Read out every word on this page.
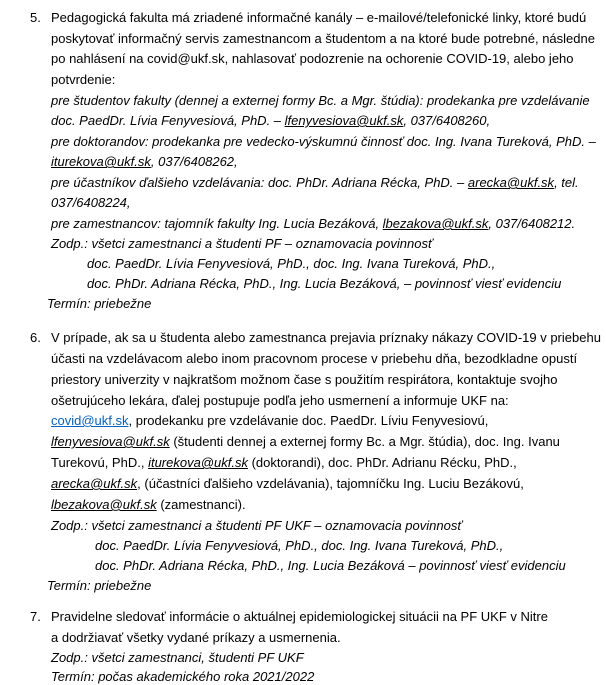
5. Pedagogická fakulta má zriadené informačné kanály – e-mailové/telefonické linky, ktoré budú
poskytovať informačný servis zamestnancom a študentom a na ktoré bude potrebné, následne
po nahlásení na covid@ukf.sk, nahlasovať podozrenie na ochorenie COVID-19, alebo jeho
potvrdenie:
pre študentov fakulty (dennej a externej formy Bc. a Mgr. štúdia): prodekanka pre vzdelávanie
doc. PaedDr. Lívia Fenyvesiová, PhD. – lfenyvesiova@ukf.sk, 037/6408260,
pre doktorandov: prodekanka pre vedecko-výskumnú činnosť doc. Ing. Ivana Tureková, PhD. –
iturekova@ukf.sk, 037/6408262,
pre účastníkov ďalšieho vzdelávania: doc. PhDr. Adriana Récka, PhD. – arecka@ukf.sk, tel.
037/6408224,
pre zamestnancov: tajomník fakulty Ing. Lucia Bezáková, lbezakova@ukf.sk, 037/6408212.
Zodp.: všetci zamestnanci a študenti PF – oznamovacia povinnosť
doc. PaedDr. Lívia Fenyvesiová, PhD., doc. Ing. Ivana Tureková, PhD.,
doc. PhDr. Adriana Récka, PhD., Ing. Lucia Bezáková, – povinnosť viesť evidenciu
Termín: priebežne
6. V prípade, ak sa u študenta alebo zamestnanca prejavia príznaky nákazy COVID-19 v priebehu
účasti na vzdelávacom alebo inom pracovnom procese v priebehu dňa, bezodkladne opustí
priestory univerzity v najkratšom možnom čase s použitím respirátora, kontaktuje svojho
ošetrujúceho lekára, ďalej postupuje podľa jeho usmernení a informuje UKF na:
covid@ukf.sk, prodekanku pre vzdelávanie doc. PaedDr. Líviu Fenyvesiovú,
lfenyvesiova@ukf.sk (študenti dennej a externej formy Bc. a Mgr. štúdia), doc. Ing. Ivanu
Turekovú, PhD., iturekova@ukf.sk (doktorandi), doc. PhDr. Adrianu Récku, PhD.,
arecka@ukf.sk, (účastníci ďalšieho vzdelávania), tajomníčku Ing. Luciu Bezákovú,
lbezakova@ukf.sk (zamestnanci).
Zodp.: všetci zamestnanci a študenti PF UKF – oznamovacia povinnosť
doc. PaedDr. Lívia Fenyvesiová, PhD., doc. Ing. Ivana Tureková, PhD.,
doc. PhDr. Adriana Récka, PhD., Ing. Lucia Bezáková – povinnosť viesť evidenciu
Termín: priebežne
7. Pravidelne sledovať informácie o aktuálnej epidemiologickej situácii na PF UKF v Nitre
a dodržiavať všetky vydané príkazy a usmernenia.
Zodp.: všetci zamestnanci, študenti PF UKF
Termín: počas akademického roka 2021/2022
